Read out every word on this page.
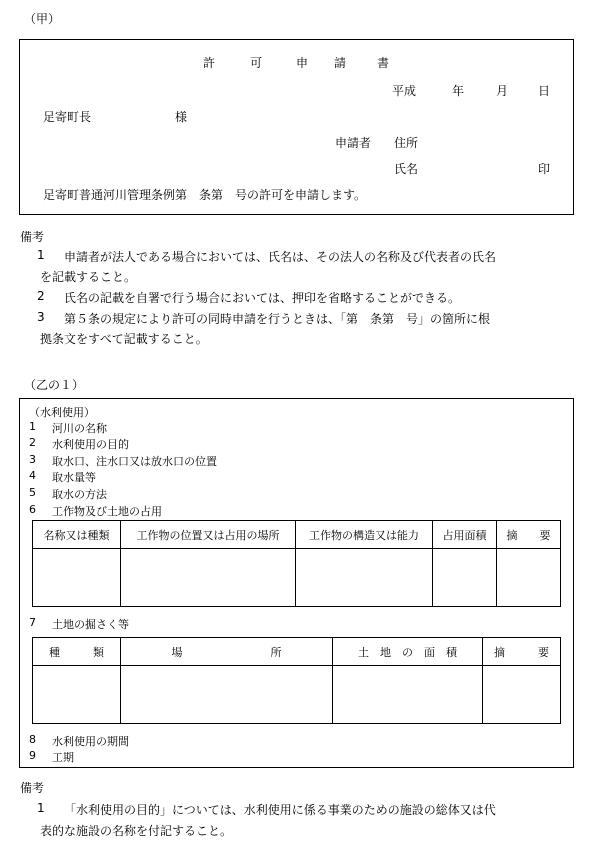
（甲）
許	可	申 請	書
平成	年	月 日
足寄町長	様
申請者 住所
氏名	印
足寄町普通河川管理条例第　条第　号の許可を申請します。
備考
1 申請者が法人である場合においては、氏名は、その法人の名称及び代表者の氏名
を記載すること。
2 氏名の記載を自署で行う場合においては、押印を省略することができる。
3 第５条の規定により許可の同時申請を行うときは、「第　条第　号」の箇所に根
拠条文をすべて記載すること。
（乙の１）
（水利使用）
1 河川の名称
2 水利使用の目的
3 取水口、注水口又は放水口の位置
4 取水量等
5 取水の方法
6 工作物及び土地の占用
名称又は種類	工作物の位置又は占用の場所	工作物の構造又は能力	占用面積	摘　　要

7 土地の掘さく等
種　　　類	場　　　　　　　　所	土　地　の　面　積	摘　　　要

8 水利使用の期間
9 工期
備考
1 「水利使用の目的」については、水利使用に係る事業のための施設の総体又は代
表的な施設の名称を付記すること。
